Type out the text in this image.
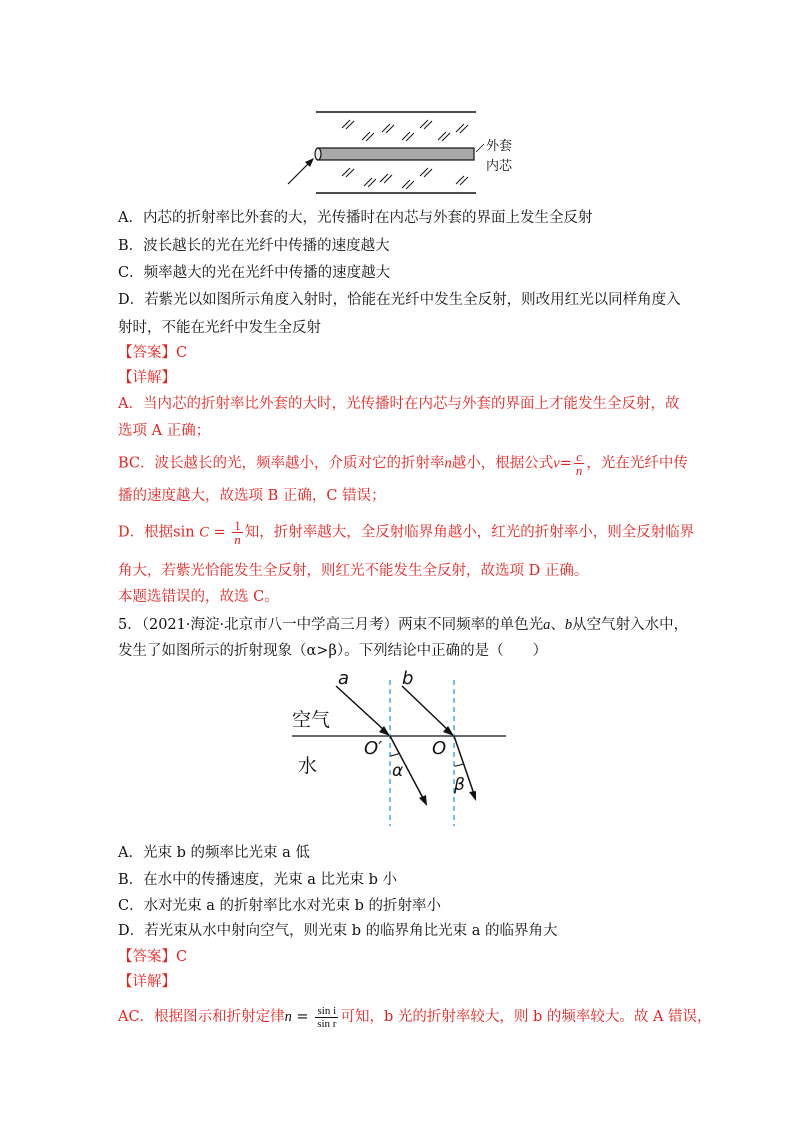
外套
内芯
A．内芯的折射率比外套的大，光传播时在内芯与外套的界面上发生全反射
B．波长越长的光在光纤中传播的速度越大
C．频率越大的光在光纤中传播的速度越大
D．若紫光以如图所示角度入射时，恰能在光纤中发生全反射，则改用红光以同样角度入
射时，不能在光纤中发生全反射
【答案】C
【详解】
A．当内芯的折射率比外套的大时，光传播时在内芯与外套的界面上才能发生全反射，故
选项 A 正确；
BC．波长越长的光，频率越小，介质对它的折射率n越小，根据公式$v= \frac{c}{n}$ ，光在光纤中传
播的速度越大，故选项 B 正确，C 错误；
D．根据$\sin C = \frac{1}{n}$ 知，折射率越大，全反射临界角越小，红光的折射率小，则全反射临界
角大，若紫光恰能发生全反射，则红光不能发生全反射，故选项 D 正确。
本题选错误的，故选 C。
5．（2021·海淀·北京市八一中学高三月考）两束不同频率的单色光a、b从空气射入水中，
发生了如图所示的折射现象（α>β）。下列结论中正确的是（　　）
空气
水
a	b
O′	O
α
β
A．光束 b 的频率比光束 a 低
B．在水中的传播速度，光束 a 比光束 b 小
C．水对光束 a 的折射率比水对光束 b 的折射率小
D．若光束从水中射向空气，则光束 b 的临界角比光束 a 的临界角大
【答案】C
【详解】
AC．根据图示和折射定律$n = \frac{\text{sin i}}{\text{sin r}}$ 可知，b 光的折射率较大，则 b 的频率较大。故 A 错误，
